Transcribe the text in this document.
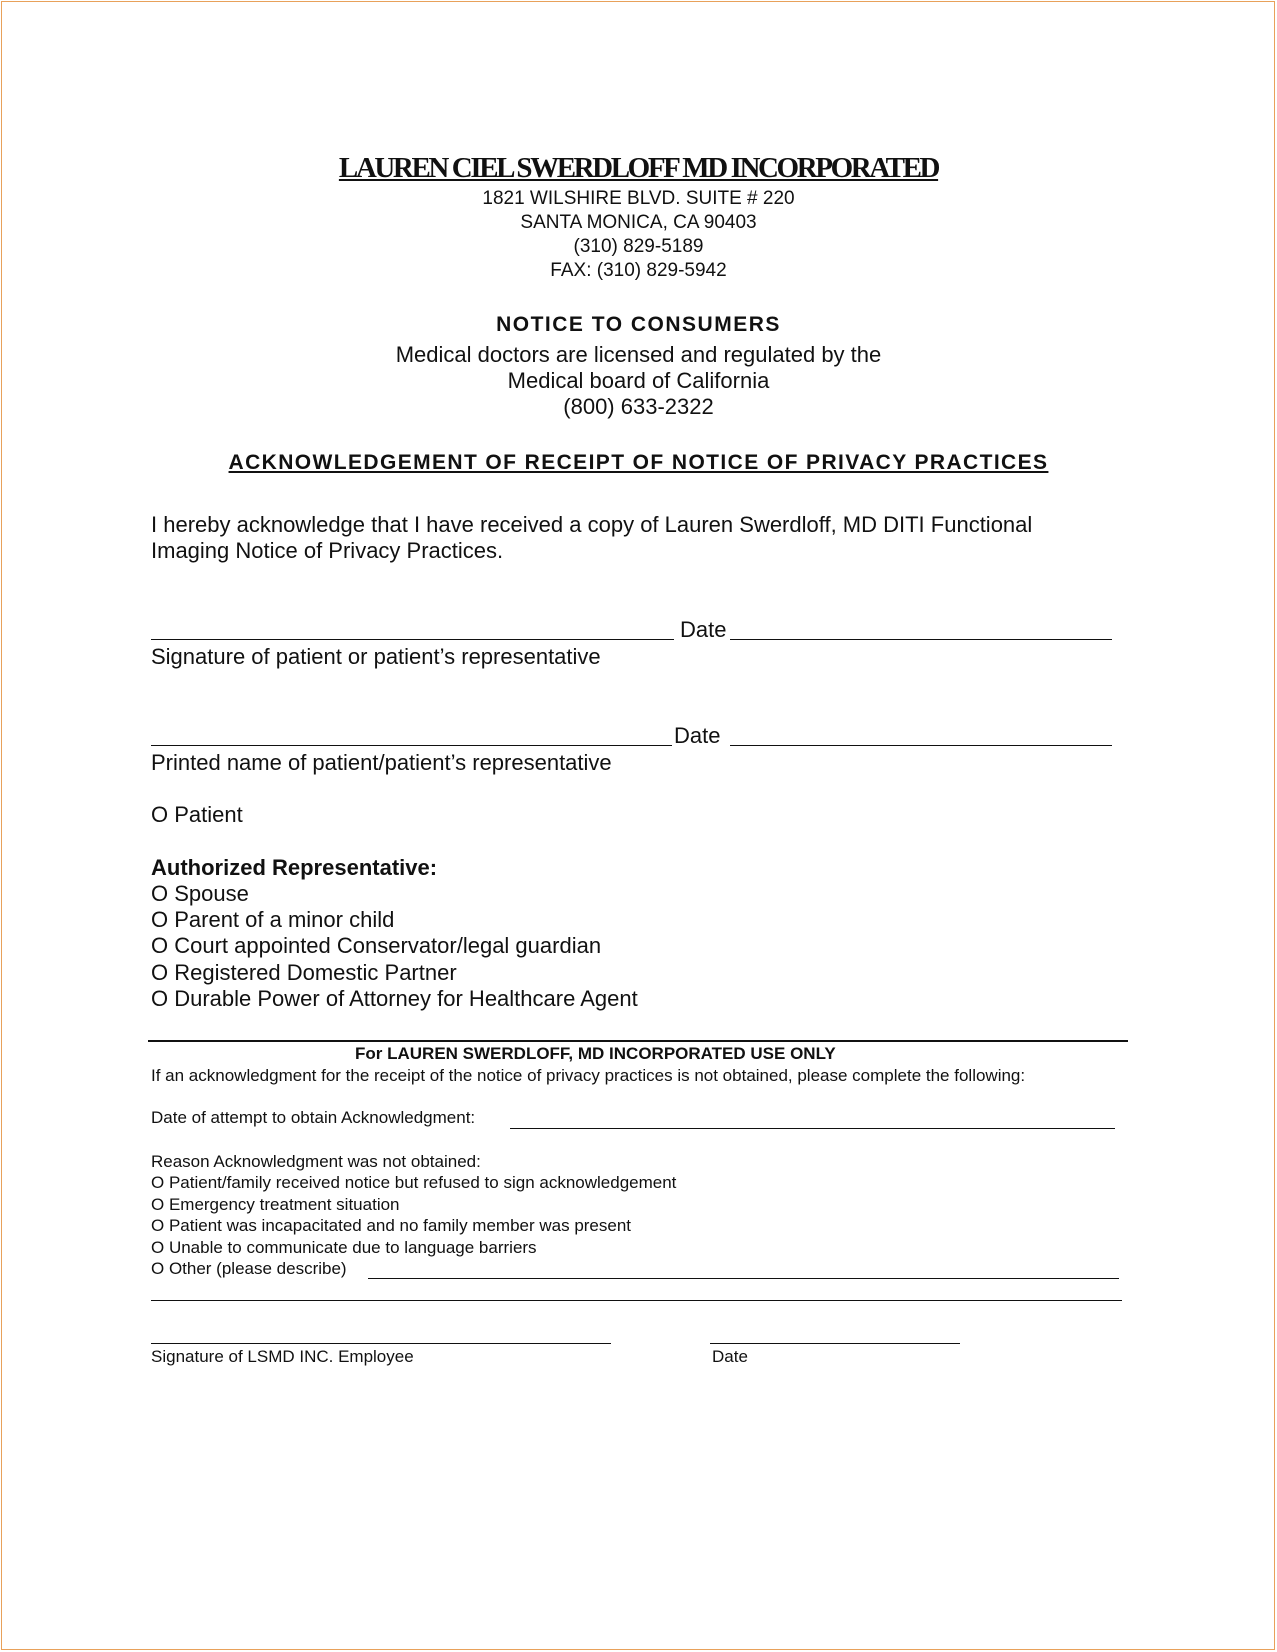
LAUREN CIEL SWERDLOFF MD INCORPORATED
1821 WILSHIRE BLVD. SUITE # 220
SANTA MONICA, CA 90403
(310) 829-5189
FAX: (310) 829-5942
NOTICE TO CONSUMERS
Medical doctors are licensed and regulated by the
Medical board of California
(800) 633-2322
ACKNOWLEDGEMENT OF RECEIPT OF NOTICE OF PRIVACY PRACTICES
I hereby acknowledge that I have received a copy of Lauren Swerdloff, MD DITI Functional
Imaging Notice of Privacy Practices.
Date
Signature of patient or patient’s representative
Date
Printed name of patient/patient’s representative
O Patient
Authorized Representative:
O Spouse
O Parent of a minor child
O Court appointed Conservator/legal guardian
O Registered Domestic Partner
O Durable Power of Attorney for Healthcare Agent
For LAUREN SWERDLOFF, MD INCORPORATED USE ONLY
If an acknowledgment for the receipt of the notice of privacy practices is not obtained, please complete the following:
Date of attempt to obtain Acknowledgment:
Reason Acknowledgment was not obtained:
O Patient/family received notice but refused to sign acknowledgement
O Emergency treatment situation
O Patient was incapacitated and no family member was present
O Unable to communicate due to language barriers
O Other (please describe)
Signature of LSMD INC. Employee	Date
